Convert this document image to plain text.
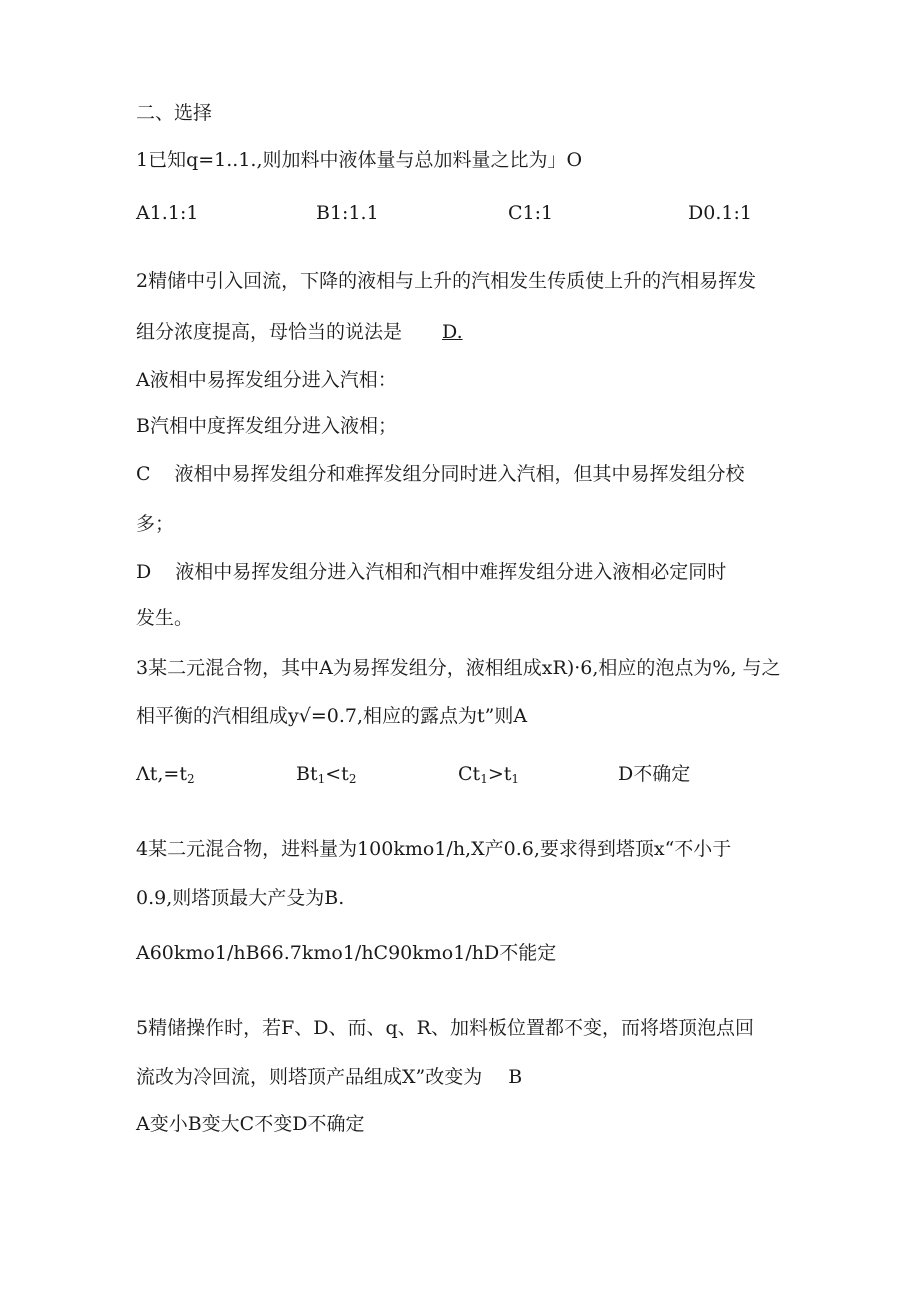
二、选择
1已知q=1..1.,则加料中液体量与总加料量之比为」O
A1.1:1	B1:1.1	C1:1	D0.1:1
2精储中引入回流，下降的液相与上升的汽相发生传质使上升的汽相易挥发
组分浓度提高，母恰当的说法是 D.
A液相中易挥发组分进入汽相：
B汽相中度挥发组分进入液相；
C 液相中易挥发组分和难挥发组分同时进入汽相，但其中易挥发组分校
多；
D 液相中易挥发组分进入汽相和汽相中难挥发组分进入液相必定同时
发生。
3某二元混合物，其中A为易挥发组分，液相组成xR)·6,相应的泡点为%, 与之
相平衡的汽相组成y√=0.7,相应的露点为t”则A
$\Lambda t,=t_2$	$Bt_1<t_2$	$Ct_1>t_1$	D不确定
4某二元混合物，进料量为100kmo1∕h,X产0.6,要求得到塔顶x“不小于
0.9,则塔顶最大产殳为B.
A60kmo1∕hB66.7kmo1∕hC90kmo1∕hD不能定
5精储操作时，若F、D、而、q、R、加料板位置都不变，而将塔顶泡点回
流改为冷回流，则塔顶产品组成X”改变为 B
A变小B变大C不变D不确定
